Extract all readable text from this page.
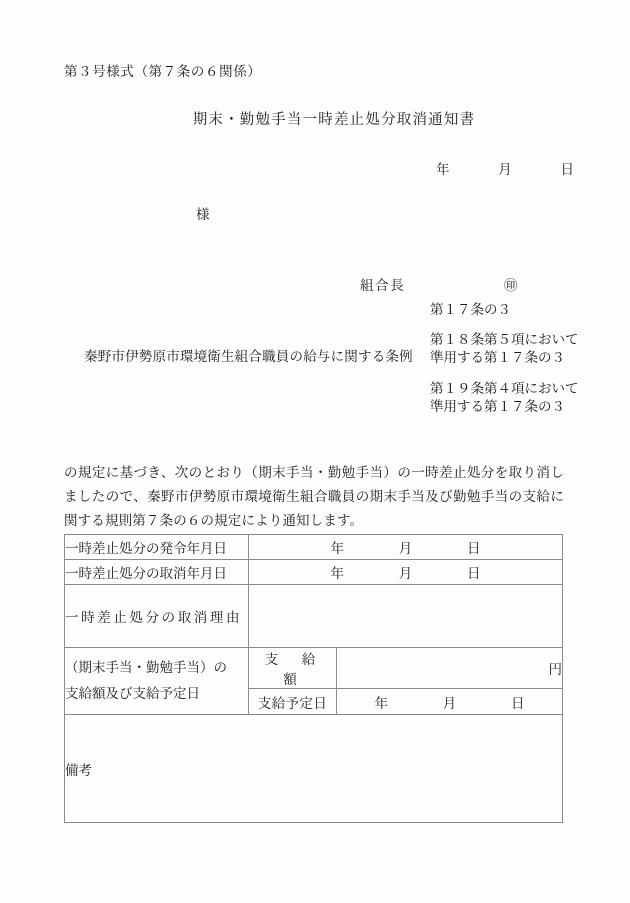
第３号様式（第７条の６関係）
期末・勤勉手当一時差止処分取消通知書
年	月	日
様
組合長	㊞
秦野市伊勢原市環境衛生組合職員の給与に関する条例
第１７条の３
第１８条第５項において準用する第１７条の３
第１９条第４項において準用する第１７条の３
の規定に基づき、次のとおり（期末手当・勤勉手当）の一時差止処分を取り消しましたので、秦野市伊勢原市環境衛生組合職員の期末手当及び勤勉手当の支給に関する規則第７条の６の規定により通知します。
一時差止処分の発令年月日	年 月 日	
一時差止処分の取消年月日	年 月 日	
一時差止処分の取消理由		

（期末手当・勤勉手当）の
支給額及び支給予定日	支　給　額	円
	支給予定日	年 月 日
備考		
